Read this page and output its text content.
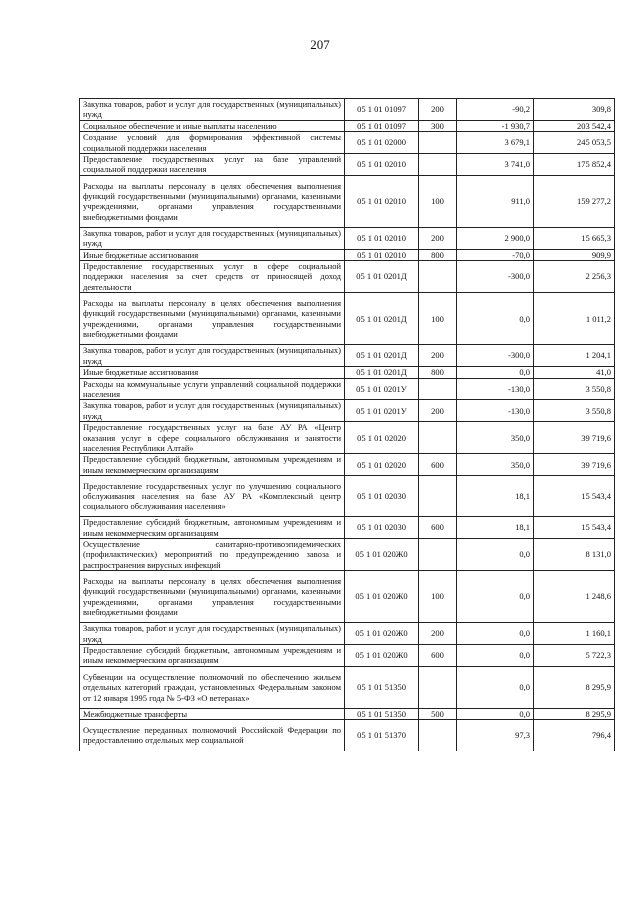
207
Закупка товаров, работ и услуг для государственных (муниципальных) нужд	05 1 01 01097	200	-90,2	309,8
Социальное обеспечение и иные выплаты населению	05 1 01 01097	300	-1 930,7	203 542,4
Создание условий для формирования эффективной системы социальной поддержки населения	05 1 01 02000		3 679,1	245 053,5
Предоставление государственных услуг на базе управлений социальной поддержки населения	05 1 01 02010		3 741,0	175 852,4
Расходы на выплаты персоналу в целях обеспечения выполнения функций государственными (муниципальными) органами, казенными учреждениями, органами управления государственными внебюджетными фондами	05 1 01 02010	100	911,0	159 277,2
Закупка товаров, работ и услуг для государственных (муниципальных) нужд	05 1 01 02010	200	2 900,0	15 665,3
Иные бюджетные ассигнования	05 1 01 02010	800	-70,0	909,9
Предоставление государственных услуг в сфере социальной поддержки населения за счет средств от приносящей доход деятельности	05 1 01 0201Д		-300,0	2 256,3
Расходы на выплаты персоналу в целях обеспечения выполнения функций государственными (муниципальными) органами, казенными учреждениями, органами управления государственными внебюджетными фондами	05 1 01 0201Д	100	0,0	1 011,2
Закупка товаров, работ и услуг для государственных (муниципальных) нужд	05 1 01 0201Д	200	-300,0	1 204,1
Иные бюджетные ассигнования	05 1 01 0201Д	800	0,0	41,0
Расходы на коммунальные услуги управлений социальной поддержки населения	05 1 01 0201У		-130,0	3 550,8
Закупка товаров, работ и услуг для государственных (муниципальных) нужд	05 1 01 0201У	200	-130,0	3 550,8
Предоставление государственных услуг на базе АУ РА «Центр оказания услуг в сфере социального обслуживания и занятости населения Республики Алтай»	05 1 01 02020		350,0	39 719,6
Предоставление субсидий бюджетным, автономным учреждениям и иным некоммерческим организациям	05 1 01 02020	600	350,0	39 719,6
Предоставление государственных услуг по улучшению социального обслуживания населения на базе АУ РА «Комплексный центр социального обслуживания населения»	05 1 01 02030		18,1	15 543,4
Предоставление субсидий бюджетным, автономным учреждениям и иным некоммерческим организациям	05 1 01 02030	600	18,1	15 543,4
Осуществление санитарно-противоэпидемических (профилактических) мероприятий по предупреждению завоза и распространения вирусных инфекций	05 1 01 020Ж0		0,0	8 131,0
Расходы на выплаты персоналу в целях обеспечения выполнения функций государственными (муниципальными) органами, казенными учреждениями, органами управления государственными внебюджетными фондами	05 1 01 020Ж0	100	0,0	1 248,6
Закупка товаров, работ и услуг для государственных (муниципальных) нужд	05 1 01 020Ж0	200	0,0	1 160,1
Предоставление субсидий бюджетным, автономным учреждениям и иным некоммерческим организациям	05 1 01 020Ж0	600	0,0	5 722,3
Субвенции на осуществление полномочий по обеспечению жильем отдельных категорий граждан, установленных Федеральным законом от 12 января 1995 года № 5-ФЗ «О ветеранах»	05 1 01 51350		0,0	8 295,9
Межбюджетные трансферты	05 1 01 51350	500	0,0	8 295,9
Осуществление переданных полномочий Российской Федерации по предоставлению отдельных мер социальной	05 1 01 51370		97,3	796,4
